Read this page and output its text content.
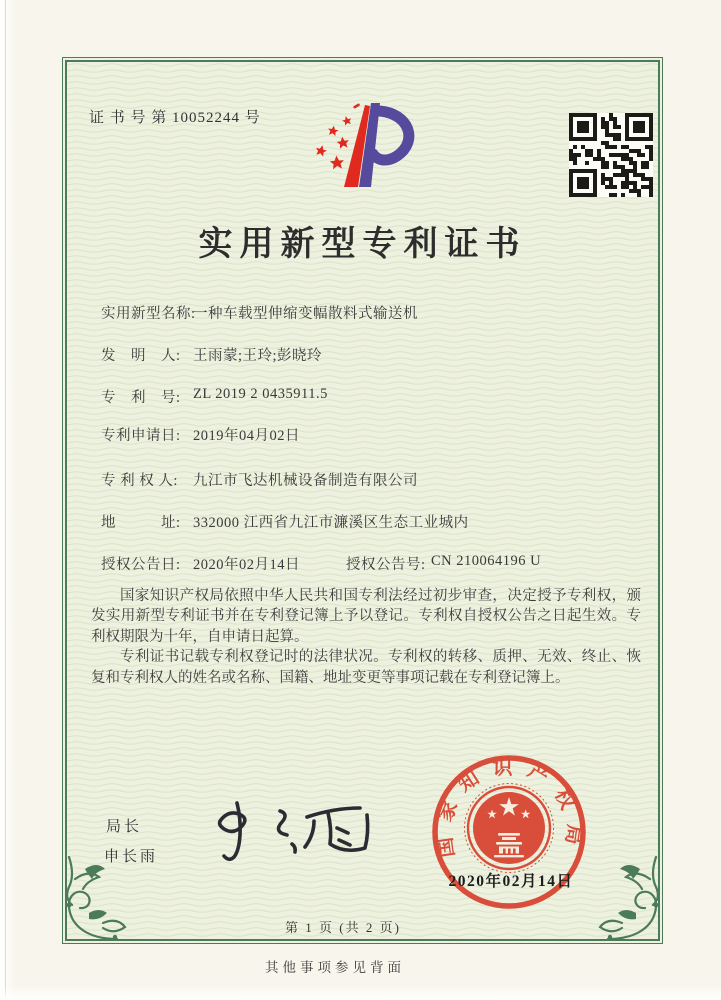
证 书 号 第 10052244 号
实用新型专利证书
实用新型名称:
一种车载型伸缩变幅散料式输送机
发　明　人: 王雨蒙;王玲;彭晓玲
专　利　号: ZL 2019 2 0435911.5
专利申请日: 2019年04月02日
专 利 权 人: 九江市飞达机械设备制造有限公司
地　　　址: 332000 江西省九江市濂溪区生态工业城内
授权公告日: 2020年02月14日	授权公告号: CN 210064196 U

国家知识产权局依照中华人民共和国专利法经过初步审查，决定授予专利权，颁发实用新型专利证书并在专利登记簿上予以登记。专利权自授权公告之日起生效。专利权期限为十年，自申请日起算。

专利证书记载专利权登记时的法律状况。专利权的转移、质押、无效、终止、恢复和专利权人的姓名或名称、国籍、地址变更等事项记载在专利登记簿上。

局长
申长雨	国家知识产权局
2020年02月14日
第 1 页 (共 2 页)
其他事项参见背面
